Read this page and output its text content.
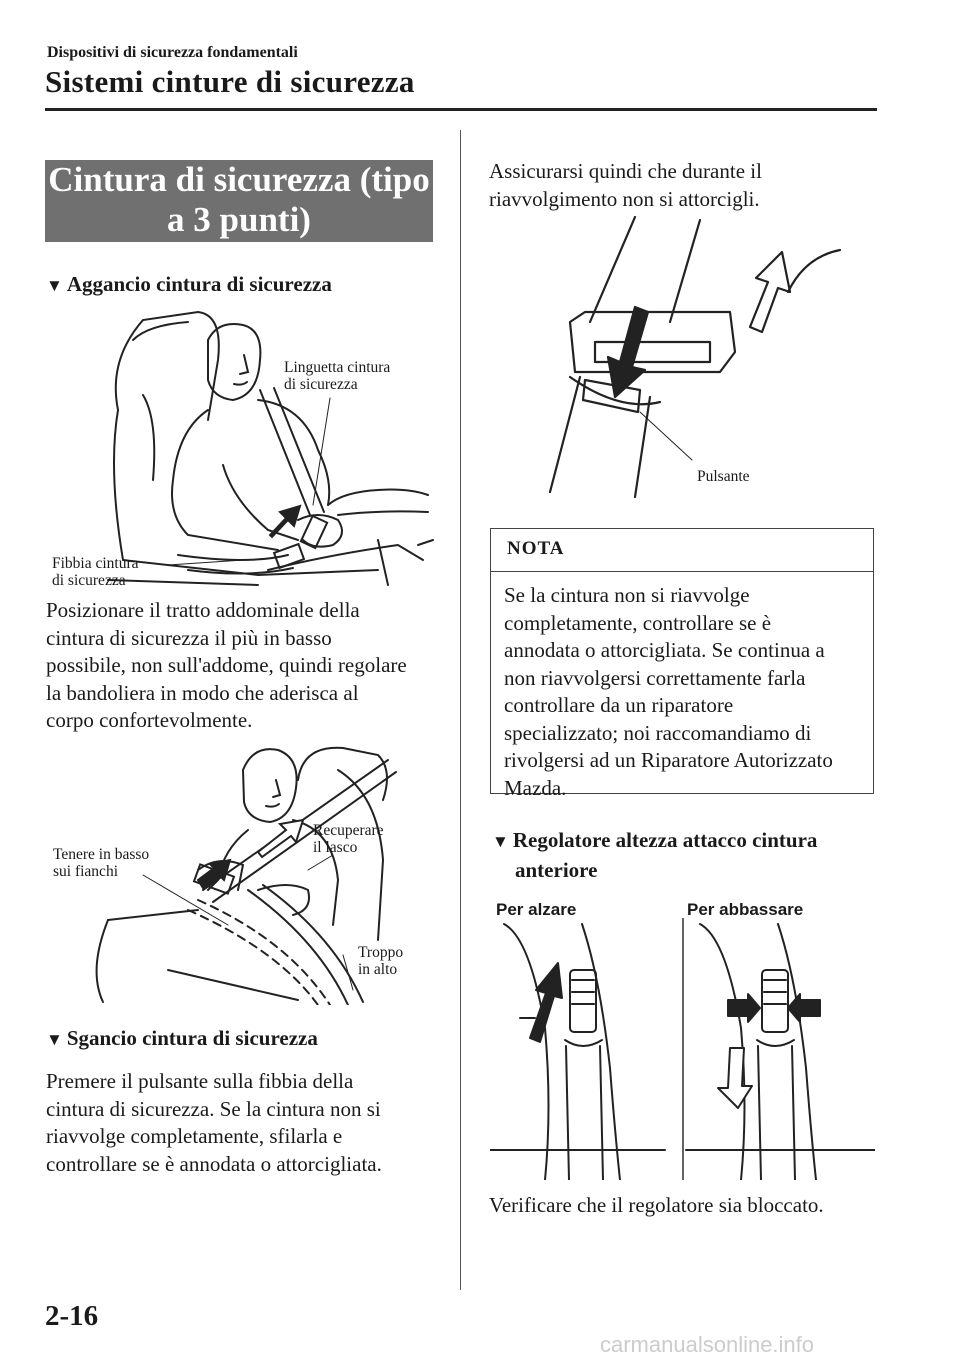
Dispositivi di sicurezza fondamentali
Sistemi cinture di sicurezza
Cintura di sicurezza (tipo
a 3 punti)
▼ Aggancio cintura di sicurezza
Linguetta cintura
di sicurezza
Fibbia cintura
di sicurezza
Posizionare il tratto addominale della
cintura di sicurezza il più in basso
possibile, non sull'addome, quindi regolare
la bandoliera in modo che aderisca al
corpo confortevolmente.
Recuperare
il lasco
Tenere in basso
sui fianchi
Troppo
in alto
▼ Sgancio cintura di sicurezza
Premere il pulsante sulla fibbia della
cintura di sicurezza. Se la cintura non si
riavvolge completamente, sfilarla e
controllare se è annodata o attorcigliata.
Assicurarsi quindi che durante il
riavvolgimento non si attorcigli.
Pulsante
NOTA
Se la cintura non si riavvolge
completamente, controllare se è
annodata o attorcigliata. Se continua a
non riavvolgersi correttamente farla
controllare da un riparatore
specializzato; noi raccomandiamo di
rivolgersi ad un Riparatore Autorizzato
Mazda.
▼ Regolatore altezza attacco cintura
anteriore
Per alzare	Per abbassare
Verificare che il regolatore sia bloccato.
2-16
carmanualsonline.info
